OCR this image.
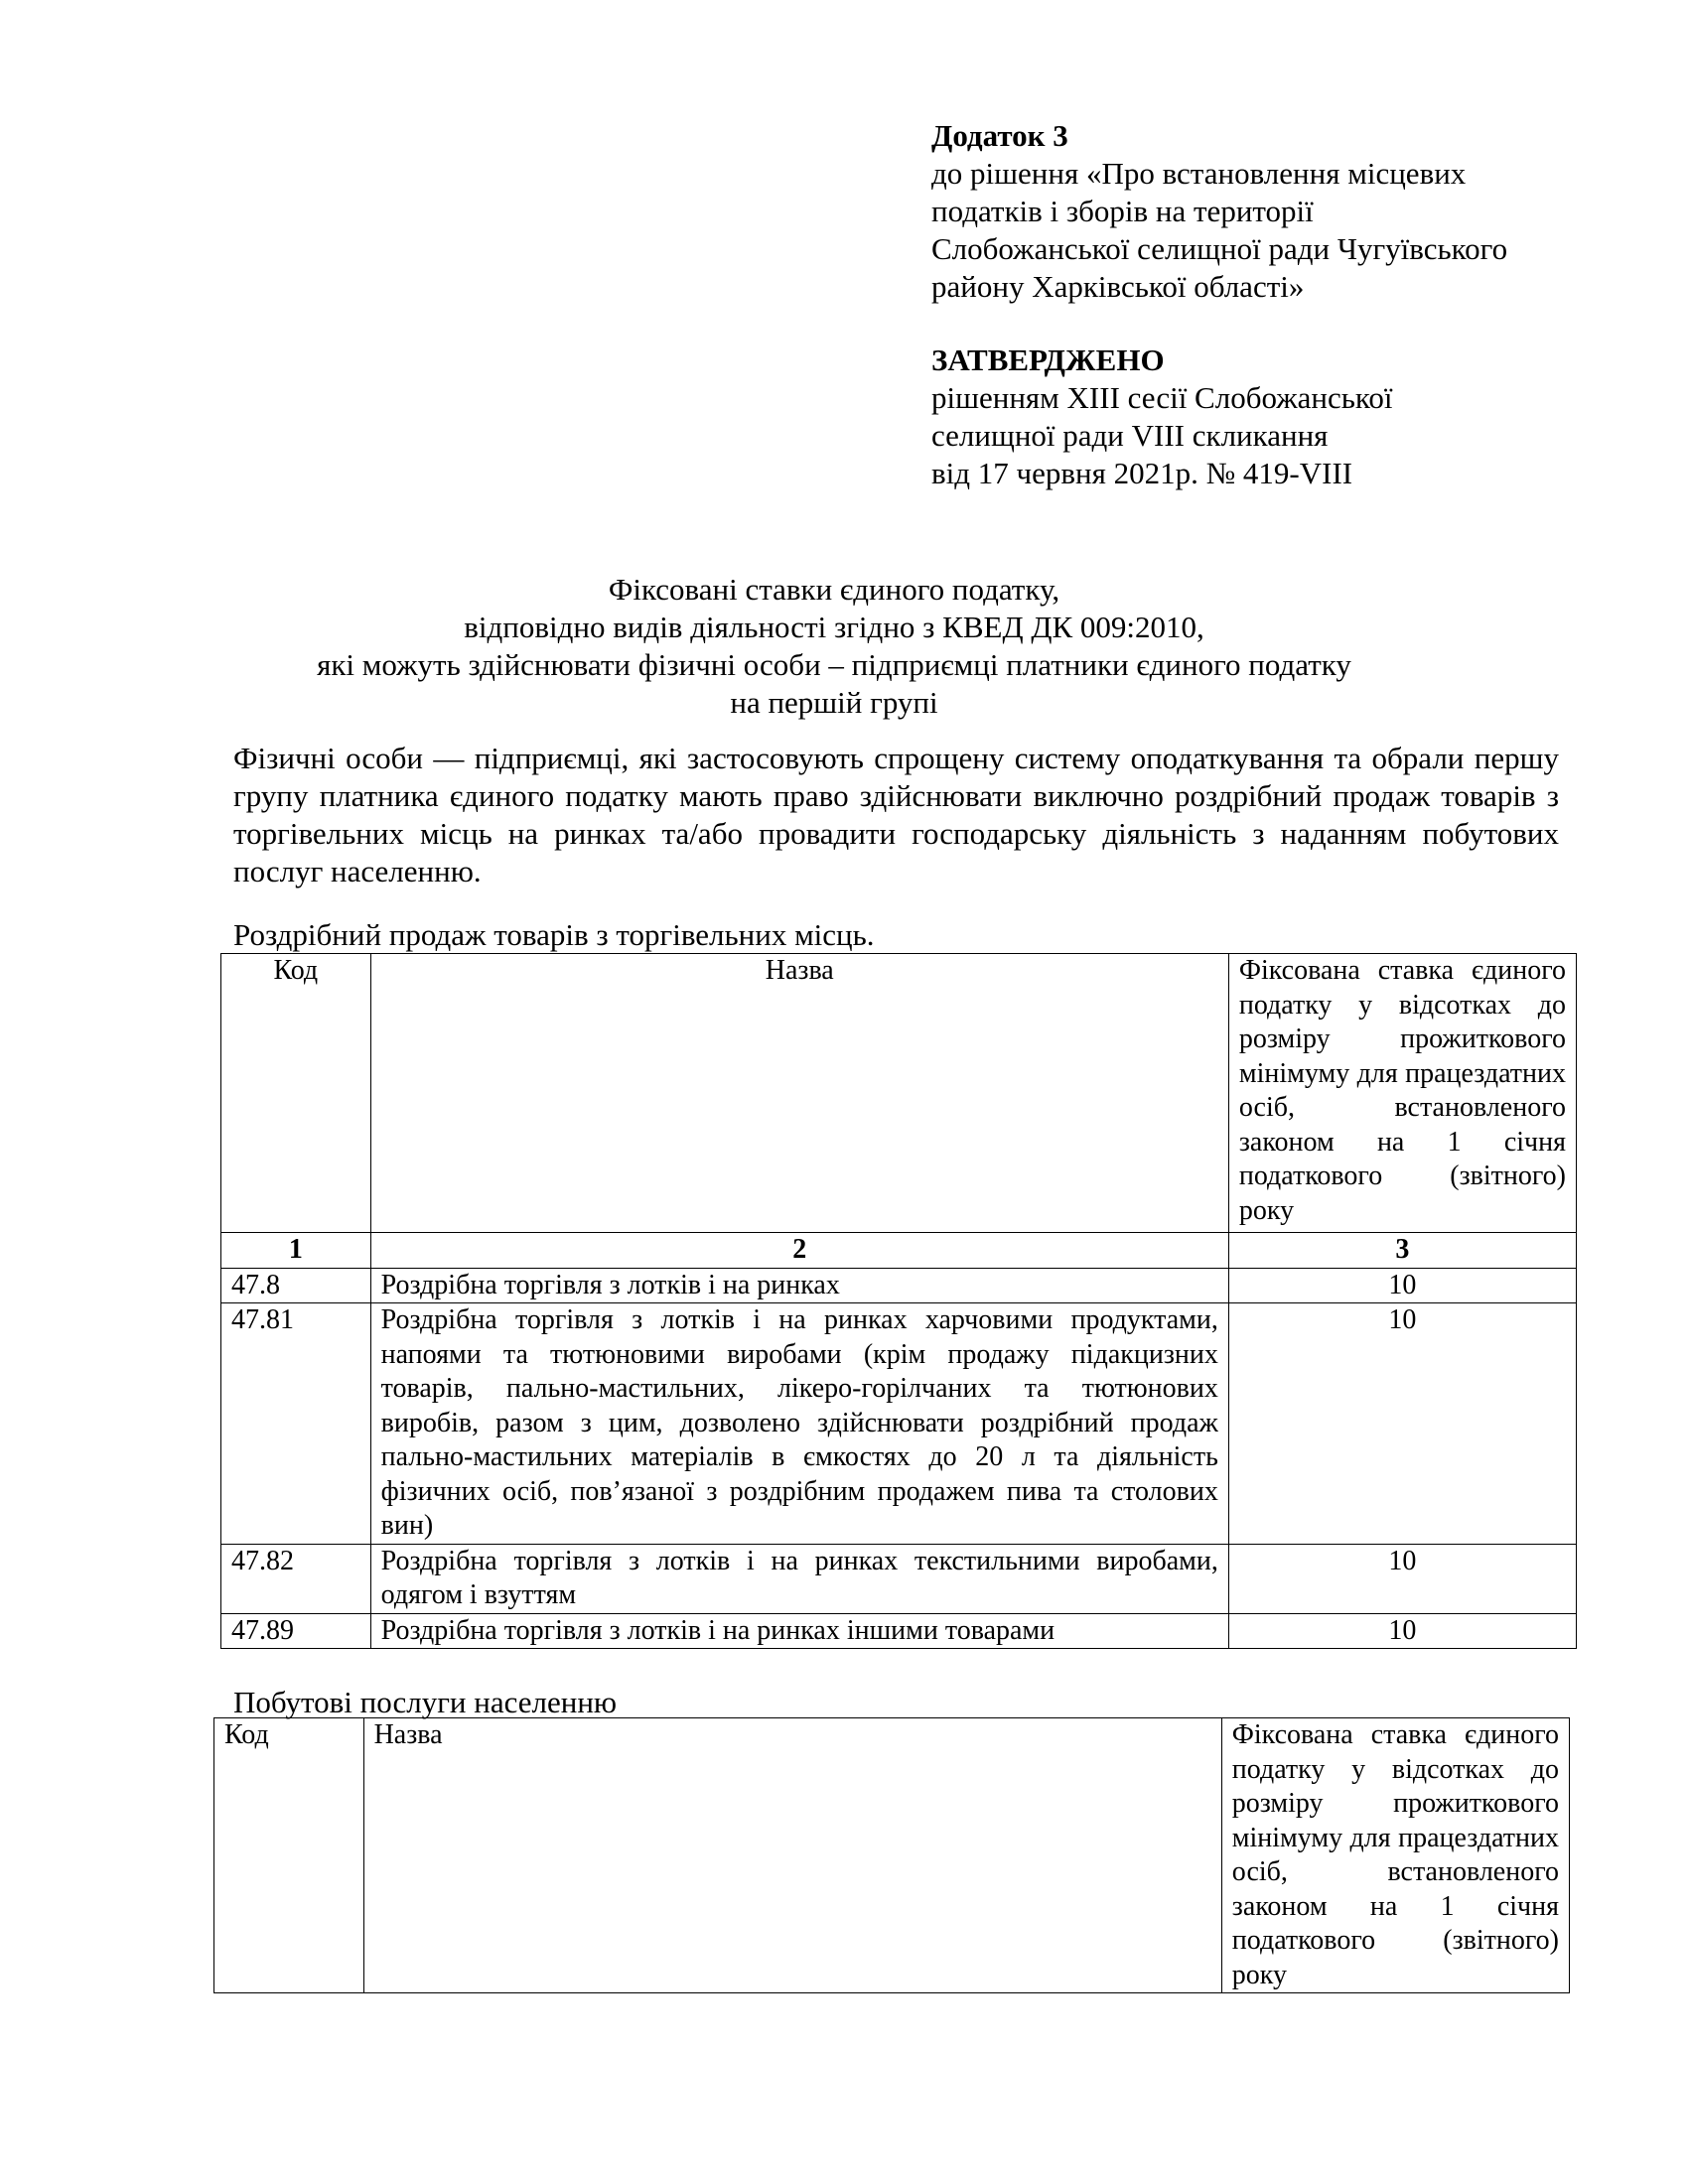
Додаток 3
до рішення «Про встановлення місцевих
податків і зборів на території
Слобожанської селищної ради Чугуївського
району Харківської області»
ЗАТВЕРДЖЕНО
рішенням XIII сесії Слобожанської
селищної ради VIII скликання
від 17 червня 2021р. № 419-VIII
Фіксовані ставки єдиного податку,
відповідно видів діяльності згідно з КВЕД ДК 009:2010,
які можуть здійснювати фізичні особи – підприємці платники єдиного податку
на першій групі
Фізичні особи — підприємці, які застосовують спрощену систему оподаткування та обрали першу групу платника єдиного податку мають право здійснювати виключно роздрібний продаж товарів з торгівельних місць на ринках та/або провадити господарську діяльність з наданням побутових послуг населенню.
Роздрібний продаж товарів з торгівельних місць.
Код	Назва	Фіксована ставка єдиного податку у відсотках до розміру прожиткового мінімуму для працездатних осіб, встановленого законом на 1 січня податкового (звітного) року
1	2	3
47.8	Роздрібна торгівля з лотків і на ринках	10
47.81	Роздрібна торгівля з лотків і на ринках харчовими продуктами, напоями та тютюновими виробами (крім продажу підакцизних товарів, пально-мастильних, лікеро-горілчаних та тютюнових виробів, разом з цим, дозволено здійснювати роздрібний продаж пально-мастильних матеріалів в ємкостях до 20 л та діяльність фізичних осіб, пов’язаної з роздрібним продажем пива та столових вин)	10
47.82	Роздрібна торгівля з лотків і на ринках текстильними виробами, одягом і взуттям	10
47.89	Роздрібна торгівля з лотків і на ринках іншими товарами	10
Побутові послуги населенню
Код	Назва	Фіксована ставка єдиного податку у відсотках до розміру прожиткового мінімуму для працездатних осіб, встановленого законом на 1 січня податкового (звітного) року
